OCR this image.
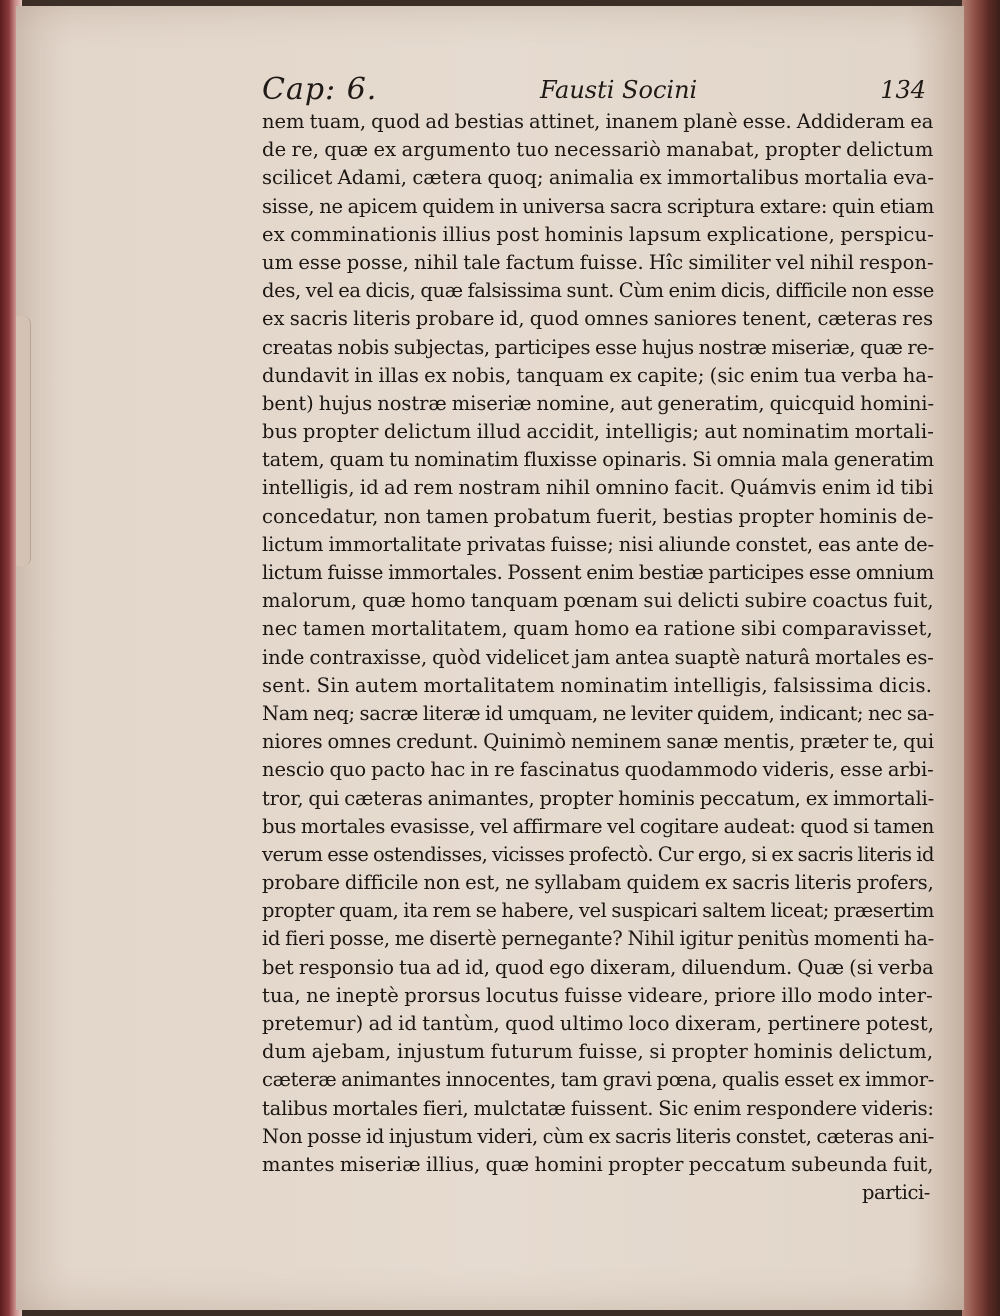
Cap: 6.	Fausti Socini	134
nem tuam, quod ad bestias attinet, inanem planè esse. Addideram ea
de re, quæ ex argumento tuo necessariò manabat, propter delictum
scilicet Adami, cætera quoq; animalia ex immortalibus mortalia eva-
sisse, ne apicem quidem in universa sacra scriptura extare: quin etiam
ex comminationis illius post hominis lapsum explicatione, perspicu-
um esse posse, nihil tale factum fuisse. Hîc similiter vel nihil respon-
des, vel ea dicis, quæ falsissima sunt. Cùm enim dicis, difficile non esse
ex sacris literis probare id, quod omnes saniores tenent, cæteras res
creatas nobis subjectas, participes esse hujus nostræ miseriæ, quæ re-
dundavit in illas ex nobis, tanquam ex capite; (sic enim tua verba ha-
bent) hujus nostræ miseriæ nomine, aut generatim, quicquid homini-
bus propter delictum illud accidit, intelligis; aut nominatim mortali-
tatem, quam tu nominatim fluxisse opinaris. Si omnia mala generatim
intelligis, id ad rem nostram nihil omnino facit. Quámvis enim id tibi
concedatur, non tamen probatum fuerit, bestias propter hominis de-
lictum immortalitate privatas fuisse; nisi aliunde constet, eas ante de-
lictum fuisse immortales. Possent enim bestiæ participes esse omnium
malorum, quæ homo tanquam pœnam sui delicti subire coactus fuit,
nec tamen mortalitatem, quam homo ea ratione sibi comparavisset,
inde contraxisse, quòd videlicet jam antea suaptè naturâ mortales es-
sent. Sin autem mortalitatem nominatim intelligis, falsissima dicis.
Nam neq; sacræ literæ id umquam, ne leviter quidem, indicant; nec sa-
niores omnes credunt. Quinimò neminem sanæ mentis, præter te, qui
nescio quo pacto hac in re fascinatus quodammodo videris, esse arbi-
tror, qui cæteras animantes, propter hominis peccatum, ex immortali-
bus mortales evasisse, vel affirmare vel cogitare audeat: quod si tamen
verum esse ostendisses, vicisses profectò. Cur ergo, si ex sacris literis id
probare difficile non est, ne syllabam quidem ex sacris literis profers,
propter quam, ita rem se habere, vel suspicari saltem liceat; præsertim
id fieri posse, me disertè pernegante? Nihil igitur penitùs momenti ha-
bet responsio tua ad id, quod ego dixeram, diluendum. Quæ (si verba
tua, ne ineptè prorsus locutus fuisse videare, priore illo modo inter-
pretemur) ad id tantùm, quod ultimo loco dixeram, pertinere potest,
dum ajebam, injustum futurum fuisse, si propter hominis delictum,
cæteræ animantes innocentes, tam gravi pœna, qualis esset ex immor-
talibus mortales fieri, mulctatæ fuissent. Sic enim respondere videris:
Non posse id injustum videri, cùm ex sacris literis constet, cæteras ani-
mantes miseriæ illius, quæ homini propter peccatum subeunda fuit,
partici-
